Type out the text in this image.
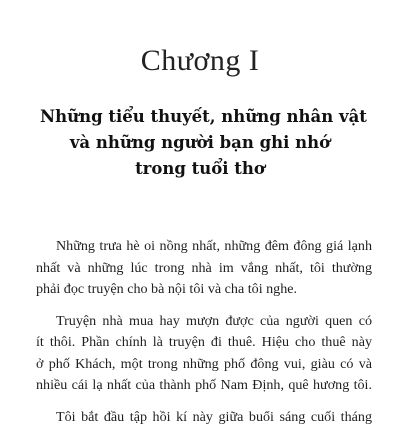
Chương I
Những tiểu thuyết, những nhân vật
và những người bạn ghi nhớ
trong tuổi thơ

Những trưa hè oi nồng nhất, những đêm đông giá lạnh
nhất và những lúc trong nhà im vắng nhất, tôi thường
phải đọc truyện cho bà nội tôi và cha tôi nghe.

Truyện nhà mua hay mượn được của người quen có
ít thôi. Phần chính là truyện đi thuê. Hiệu cho thuê này
ở phố Khách, một trong những phố đông vui, giàu có và
nhiều cái lạ nhất của thành phố Nam Định, quê hương tôi.

Tôi bắt đầu tập hồi kí này giữa buổi sáng cuối tháng
